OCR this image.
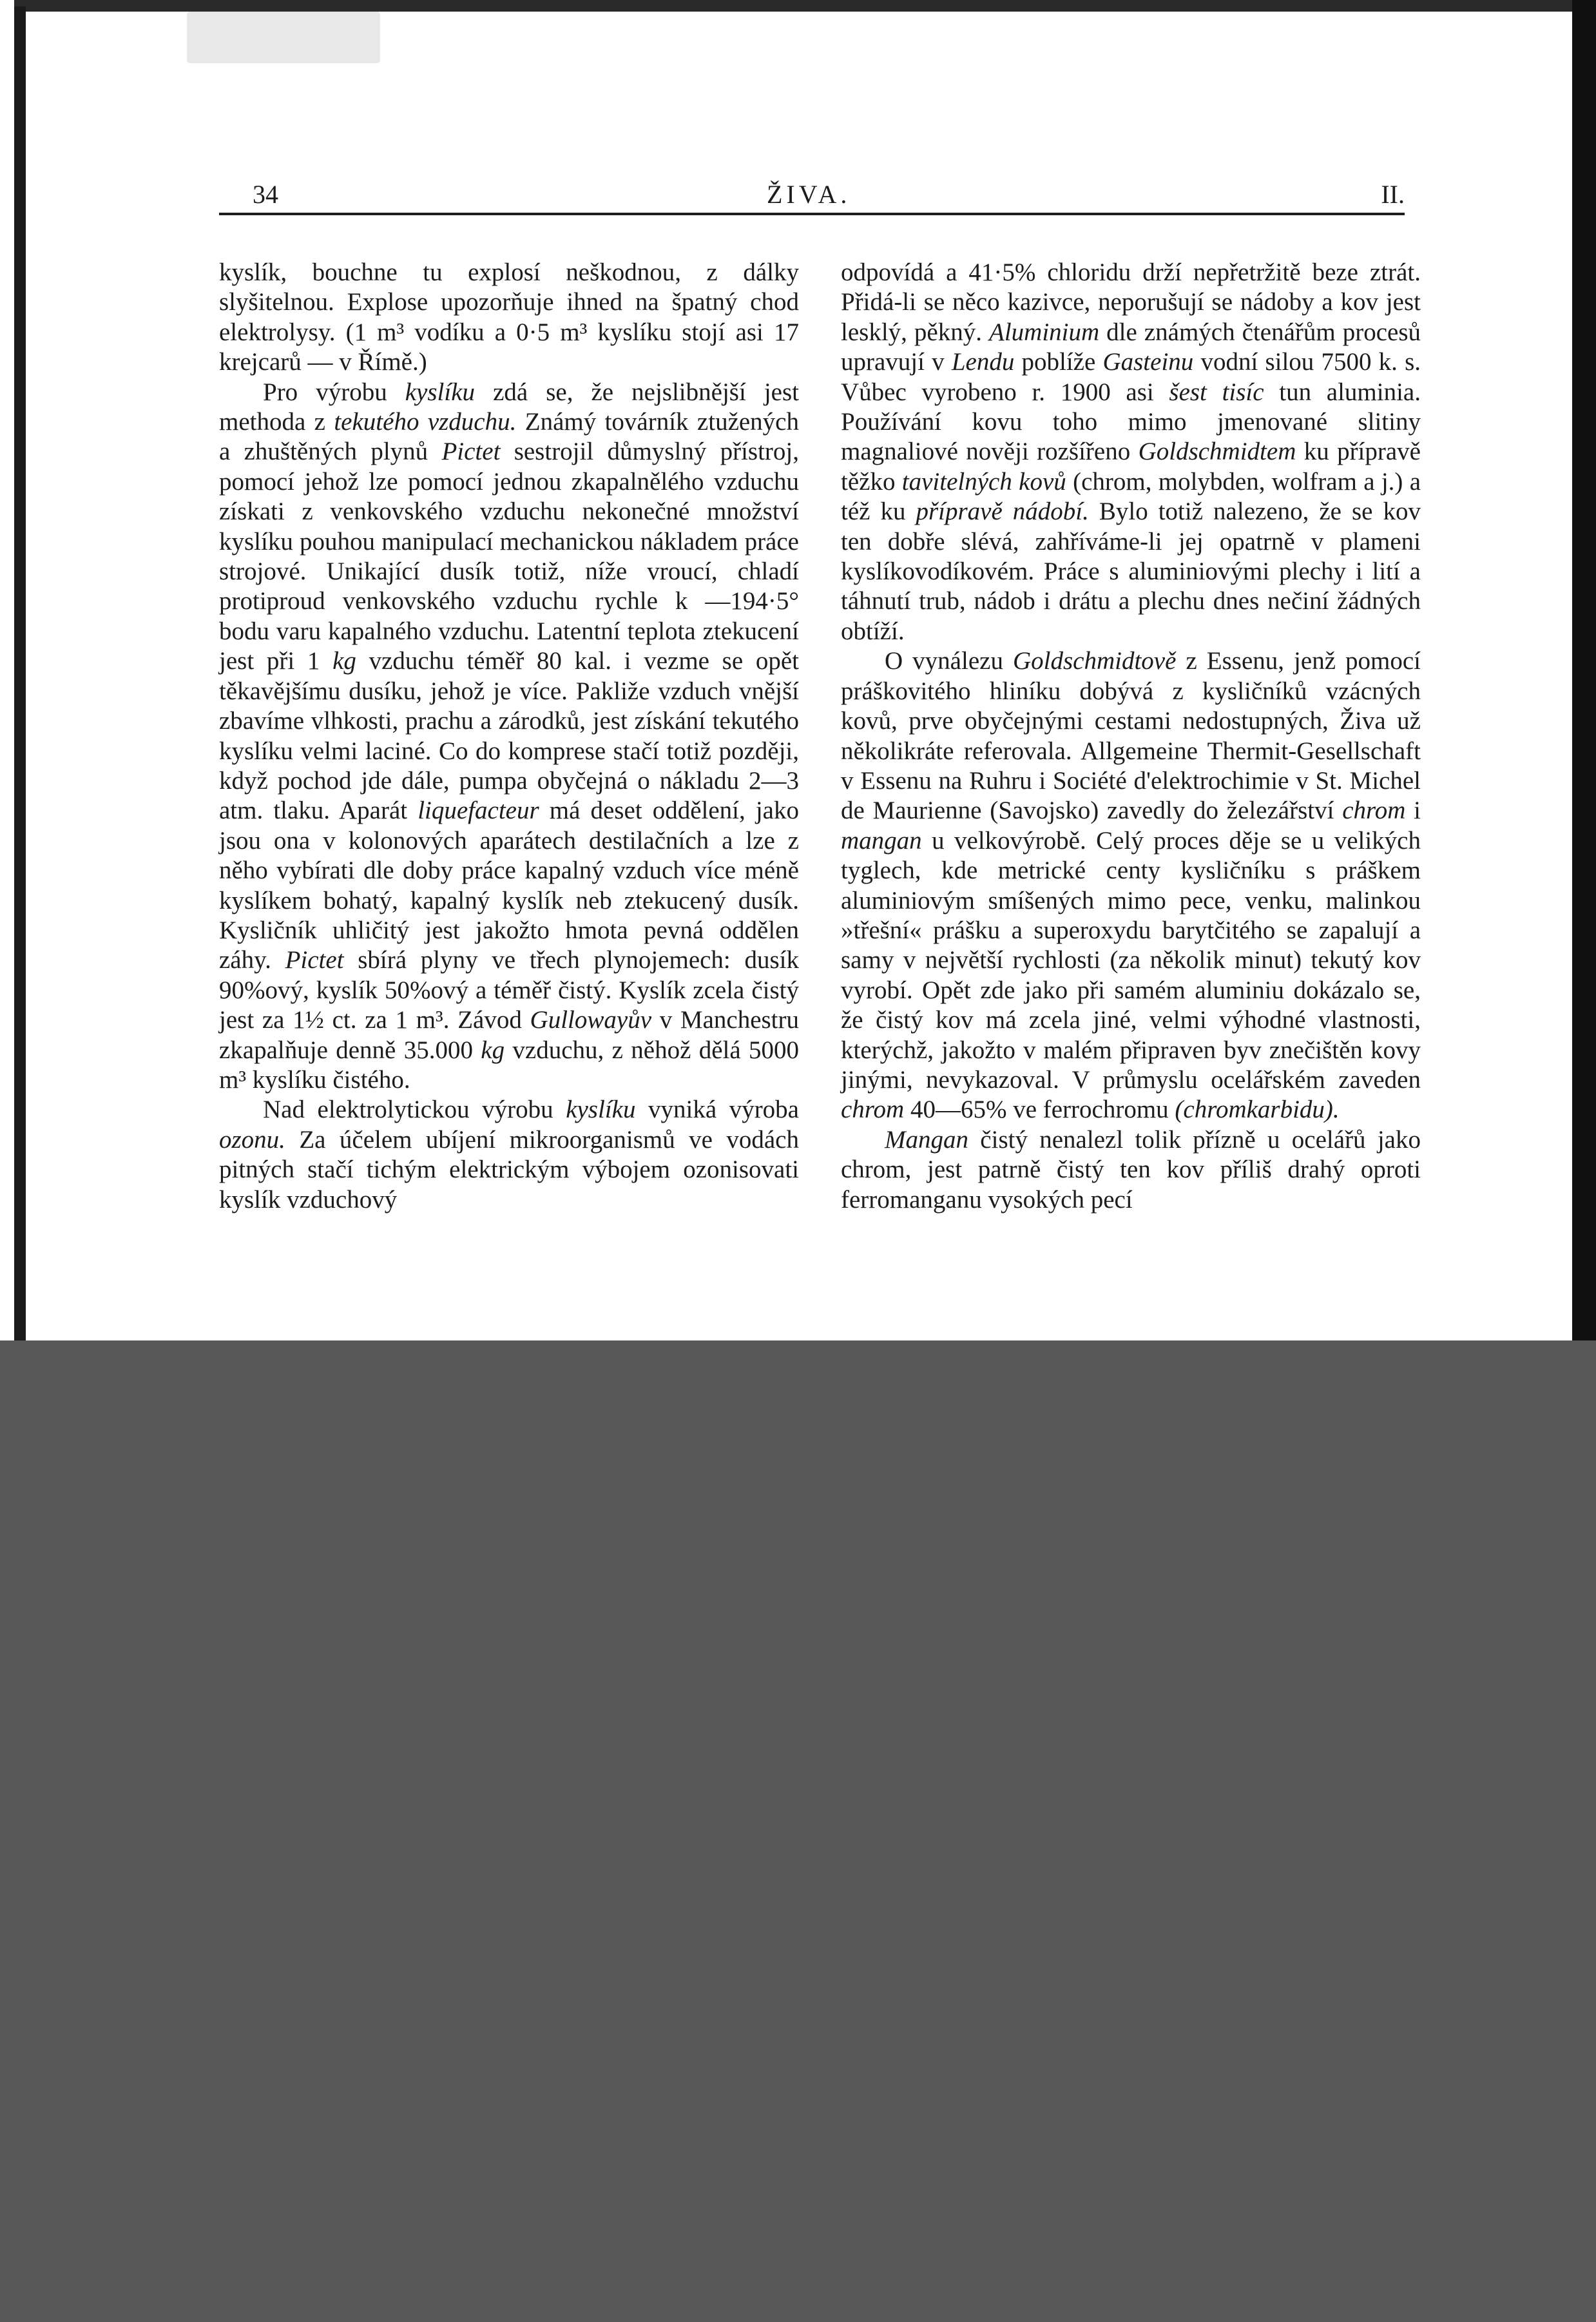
34	ŽIVA.	II.

kyslík, bouchne tu explosí neškodnou, z dálky slyšitelnou. Explose upozorňuje ihned na špatný chod elektrolysy. (1 m³ vodíku a 0·5 m³ kyslíku stojí asi 17 krejcarů — v Římě.)

Pro výrobu kyslíku zdá se, že nejslibnější jest methoda z tekutého vzduchu. Známý továrník ztužených a zhuštěných plynů Pictet sestrojil důmyslný přístroj, pomocí jehož lze pomocí jednou zkapalnělého vzduchu získati z venkovského vzduchu nekonečné množství kyslíku pouhou manipulací mechanickou nákladem práce strojové. Unikající dusík totiž, níže vroucí, chladí protiproud venkovského vzduchu rychle k —194·5° bodu varu kapalného vzduchu. Latentní teplota ztekucení jest při 1 kg vzduchu téměř 80 kal. i vezme se opět těkavějšímu dusíku, jehož je více. Pakliže vzduch vnější zbavíme vlhkosti, prachu a zárodků, jest získání tekutého kyslíku velmi laciné. Co do komprese stačí totiž později, když pochod jde dále, pumpa obyčejná o nákladu 2—3 atm. tlaku. Aparát liquefacteur má deset oddělení, jako jsou ona v kolonových aparátech destilačních a lze z něho vybírati dle doby práce kapalný vzduch více méně kyslíkem bohatý, kapalný kyslík neb ztekucený dusík. Kysličník uhličitý jest jakožto hmota pevná oddělen záhy. Pictet sbírá plyny ve třech plynojemech: dusík 90%ový, kyslík 50%ový a téměř čistý. Kyslík zcela čistý jest za 1½ ct. za 1 m³. Závod Gullowayův v Manchestru zkapalňuje denně 35.000 kg vzduchu, z něhož dělá 5000 m³ kyslíku čistého.

Nad elektrolytickou výrobu kyslíku vyniká výroba ozonu. Za účelem ubíjení mikroorganismů ve vodách pitných stačí tichým elektrickým výbojem ozonisovati kyslík vzduchový

odpovídá a 41·5% chloridu drží nepřetržitě beze ztrát. Přidá-li se něco kazivce, neporušují se nádoby a kov jest lesklý, pěkný. Aluminium dle známých čtenářům procesů upravují v Lendu poblíže Gasteinu vodní silou 7500 k. s. Vůbec vyrobeno r. 1900 asi šest tisíc tun aluminia. Používání kovu toho mimo jmenované slitiny magnaliové nověji rozšířeno Goldschmidtem ku přípravě těžko tavitelných kovů (chrom, molybden, wolfram a j.) a též ku přípravě nádobí. Bylo totiž nalezeno, že se kov ten dobře slévá, zahříváme-li jej opatrně v plameni kyslíkovodíkovém. Práce s aluminiovými plechy i lití a táhnutí trub, nádob i drátu a plechu dnes nečiní žádných obtíží.

O vynálezu Goldschmidtově z Essenu, jenž pomocí práškovitého hliníku dobývá z kysličníků vzácných kovů, prve obyčejnými cestami nedostupných, Živa už několikráte referovala. Allgemeine Thermit-Gesellschaft v Essenu na Ruhru i Société d'elektrochimie v St. Michel de Maurienne (Savojsko) zavedly do železářství chrom i mangan u velkovýrobě. Celý proces děje se u velikých tyglech, kde metrické centy kysličníku s práškem aluminiovým smíšených mimo pece, venku, malinkou »třešní« prášku a superoxydu barytčitého se zapalují a samy v největší rychlosti (za několik minut) tekutý kov vyrobí. Opět zde jako při samém aluminiu dokázalo se, že čistý kov má zcela jiné, velmi výhodné vlastnosti, kterýchž, jakožto v malém připraven byv znečištěn kovy jinými, nevykazoval. V průmyslu ocelářském zaveden chrom 40—65% ve ferrochromu (chromkarbidu).

Mangan čistý nenalezl tolik přízně u ocelářů jako chrom, jest patrně čistý ten kov příliš drahý oproti ferromanganu vysokých pecí
